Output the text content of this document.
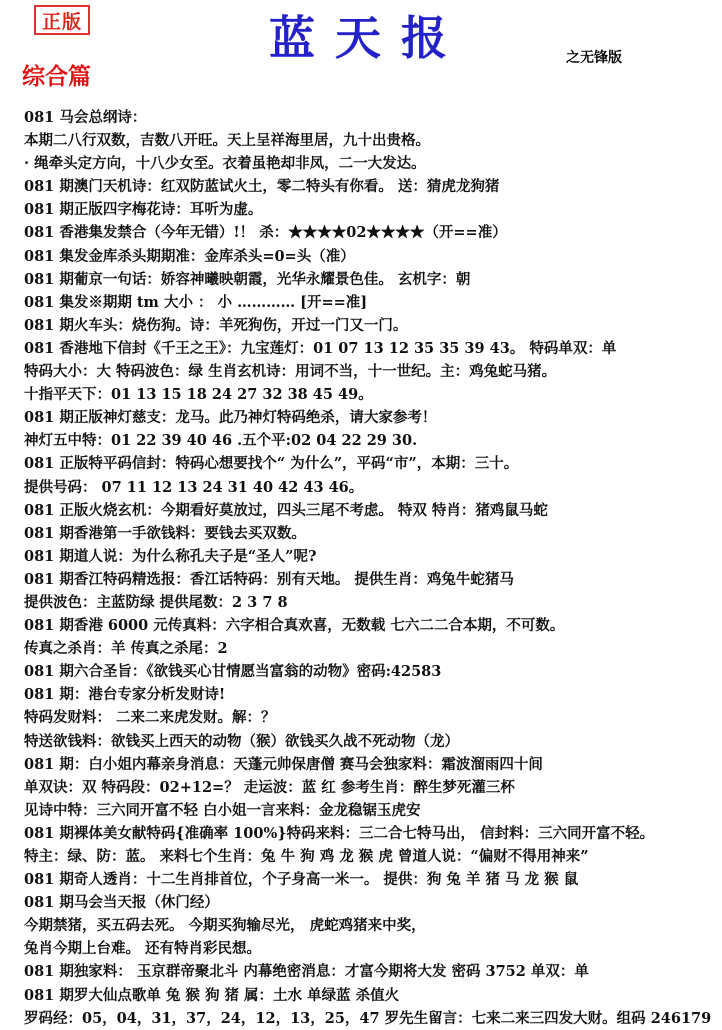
正版	蓝天报	之无锋版
综合篇
081 马会总纲诗：
本期二八行双数，吉数八开旺。天上呈祥海里居，九十出贵格。
· 绳牵头定方向，十八少女至。衣着虽艳却非凤，二一大发达。
081 期澳门天机诗：红双防蓝试火土，零二特头有你看。 送：猜虎龙狗猪
081 期正版四字梅花诗：耳听为虚。
081 香港集发禁合（今年无错）!！ 杀：★★★★02★★★★（开==准）
081 集发金库杀头期期准：金库杀头=0=头（准）
081 期葡京一句话：娇容神曦映朝霞，光华永耀景色佳。 玄机字：朝
081 集发※期期 tm 大小 ： 小 ………… [开==准]
081 期火车头：烧伤狗。诗：羊死狗伤，开过一门又一门。
081 香港地下信封《千王之王》：九宝莲灯：01 07 13 12 35 35 39 43。 特码单双：单
特码大小：大 特码波色：绿 生肖玄机诗：用词不当，十一世纪。主：鸡兔蛇马猪。
十指平天下：01 13 15 18 24 27 32 38 45 49。
081 期正版神灯慈支：龙马。此乃神灯特码绝杀，请大家参考！
神灯五中特：01 22 39 40 46 .五个平:02 04 22 29 30.
081 正版特平码信封：特码心想要找个“ 为什么”，平码“市”，本期：三十。
提供号码： 07 11 12 13 24 31 40 42 43 46。
081 正版火烧玄机：今期看好莫放过，四头三尾不考虑。 特双 特肖：猪鸡鼠马蛇
081 期香港第一手欲钱料：要钱去买双数。
081 期道人说：为什么称孔夫子是“圣人”呢?
081 期香江特码精选报：香江话特码：别有天地。 提供生肖：鸡兔牛蛇猪马
提供波色：主蓝防绿 提供尾数：2 3 7 8
081 期香港 6000 元传真料：六字相合真欢喜，无数载 七六二二合本期，不可数。
传真之杀肖：羊 传真之杀尾：2
081 期六合圣旨：《欲钱买心甘情愿当富翁的动物》密码:42583
081 期：港台专家分析发财诗!
特码发财料： 二来二来虎发财。解：？
特送欲钱料：欲钱买上西天的动物（猴）欲钱买久战不死动物（龙）
081 期：白小姐内幕亲身消息：天蓬元帅保唐僧 赛马会独家料：霜波溜雨四十间
单双诀：双 特码段：02+12=？ 走运波：蓝 红 参考生肖：醉生梦死灌三杯
见诗中特：三六同开富不轻 白小姐一言来料：金龙稳锯玉虎安
081 期裸体美女献特码{准确率 100%}特码来料：三二合七特马出， 信封料：三六同开富不轻。
特主：绿、防：蓝。 来料七个生肖：兔 牛 狗 鸡 龙 猴 虎 曾道人说：“偏财不得用神来”
081 期奇人透肖：十二生肖排首位，个子身高一米一。 提供：狗 兔 羊 猪 马 龙 猴 鼠
081 期马会当天报（休门经）
今期禁猪，买五码去死。 今期买狗输尽光， 虎蛇鸡猪来中奖，
兔肖今期上台难。 还有特肖彩民想。
081 期独家料： 玉京群帝聚北斗 内幕绝密消息：才富今期将大发 密码 3752 单双：单
081 期罗大仙点歌单 兔 猴 狗 猪 属：土水 单绿蓝 杀值火
罗码经：05，04，31，37，24，12，13，25，47 罗先生留言：七来二来三四发大财。组码 246179
